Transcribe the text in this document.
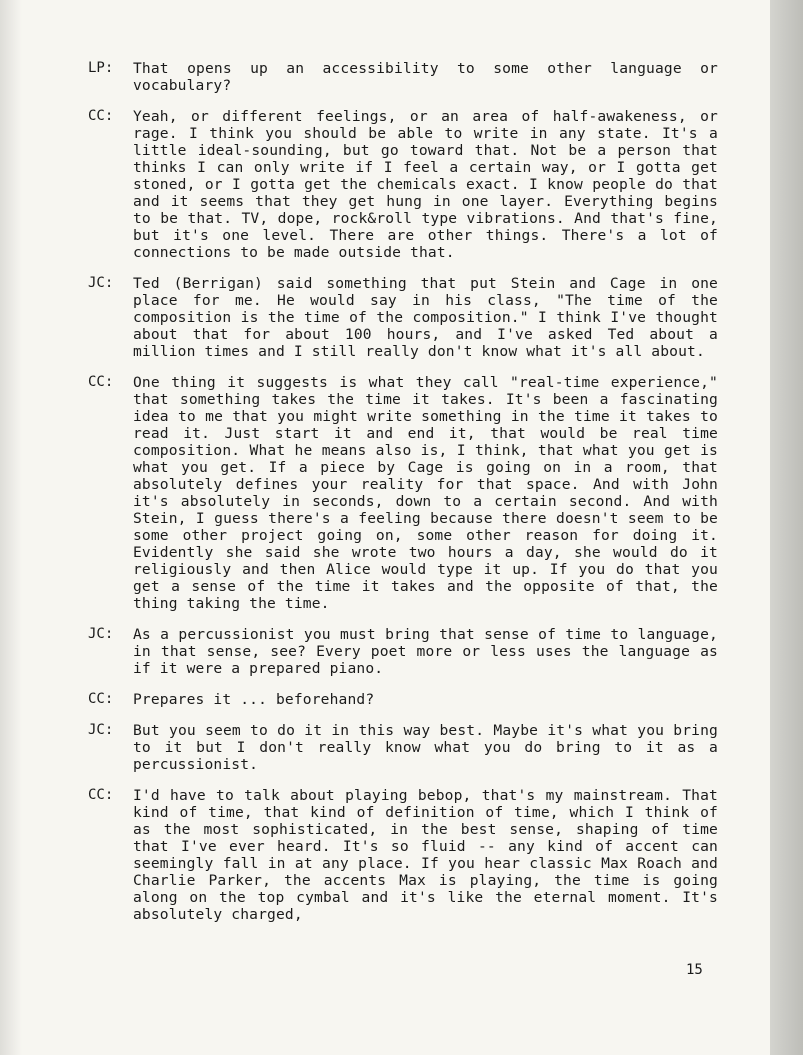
LP:	That opens up an accessibility to some other language or vocabulary?
CC:	Yeah, or different feelings, or an area of half-awakeness, or rage. I think you should be able to write in any state. It's a little ideal-sounding, but go toward that. Not be a person that thinks I can only write if I feel a certain way, or I gotta get stoned, or I gotta get the chemicals exact. I know people do that and it seems that they get hung in one layer. Everything begins to be that. TV, dope, rock&roll type vibrations. And that's fine, but it's one level. There are other things. There's a lot of connections to be made outside that.
JC:	Ted (Berrigan) said something that put Stein and Cage in one place for me. He would say in his class, "The time of the composition is the time of the composition." I think I've thought about that for about 100 hours, and I've asked Ted about a million times and I still really don't know what it's all about.
CC:	One thing it suggests is what they call "real-time experience," that something takes the time it takes. It's been a fascinating idea to me that you might write something in the time it takes to read it. Just start it and end it, that would be real time composition. What he means also is, I think, that what you get is what you get. If a piece by Cage is going on in a room, that absolutely defines your reality for that space. And with John it's absolutely in seconds, down to a certain second. And with Stein, I guess there's a feeling because there doesn't seem to be some other project going on, some other reason for doing it. Evidently she said she wrote two hours a day, she would do it religiously and then Alice would type it up. If you do that you get a sense of the time it takes and the opposite of that, the thing taking the time.
JC:	As a percussionist you must bring that sense of time to language, in that sense, see? Every poet more or less uses the language as if it were a prepared piano.
CC:	Prepares it ... beforehand?
JC:	But you seem to do it in this way best. Maybe it's what you bring to it but I don't really know what you do bring to it as a percussionist.
CC:	I'd have to talk about playing bebop, that's my mainstream. That kind of time, that kind of definition of time, which I think of as the most sophisticated, in the best sense, shaping of time that I've ever heard. It's so fluid -- any kind of accent can seemingly fall in at any place. If you hear classic Max Roach and Charlie Parker, the accents Max is playing, the time is going along on the top cymbal and it's like the eternal moment. It's absolutely charged,
15
